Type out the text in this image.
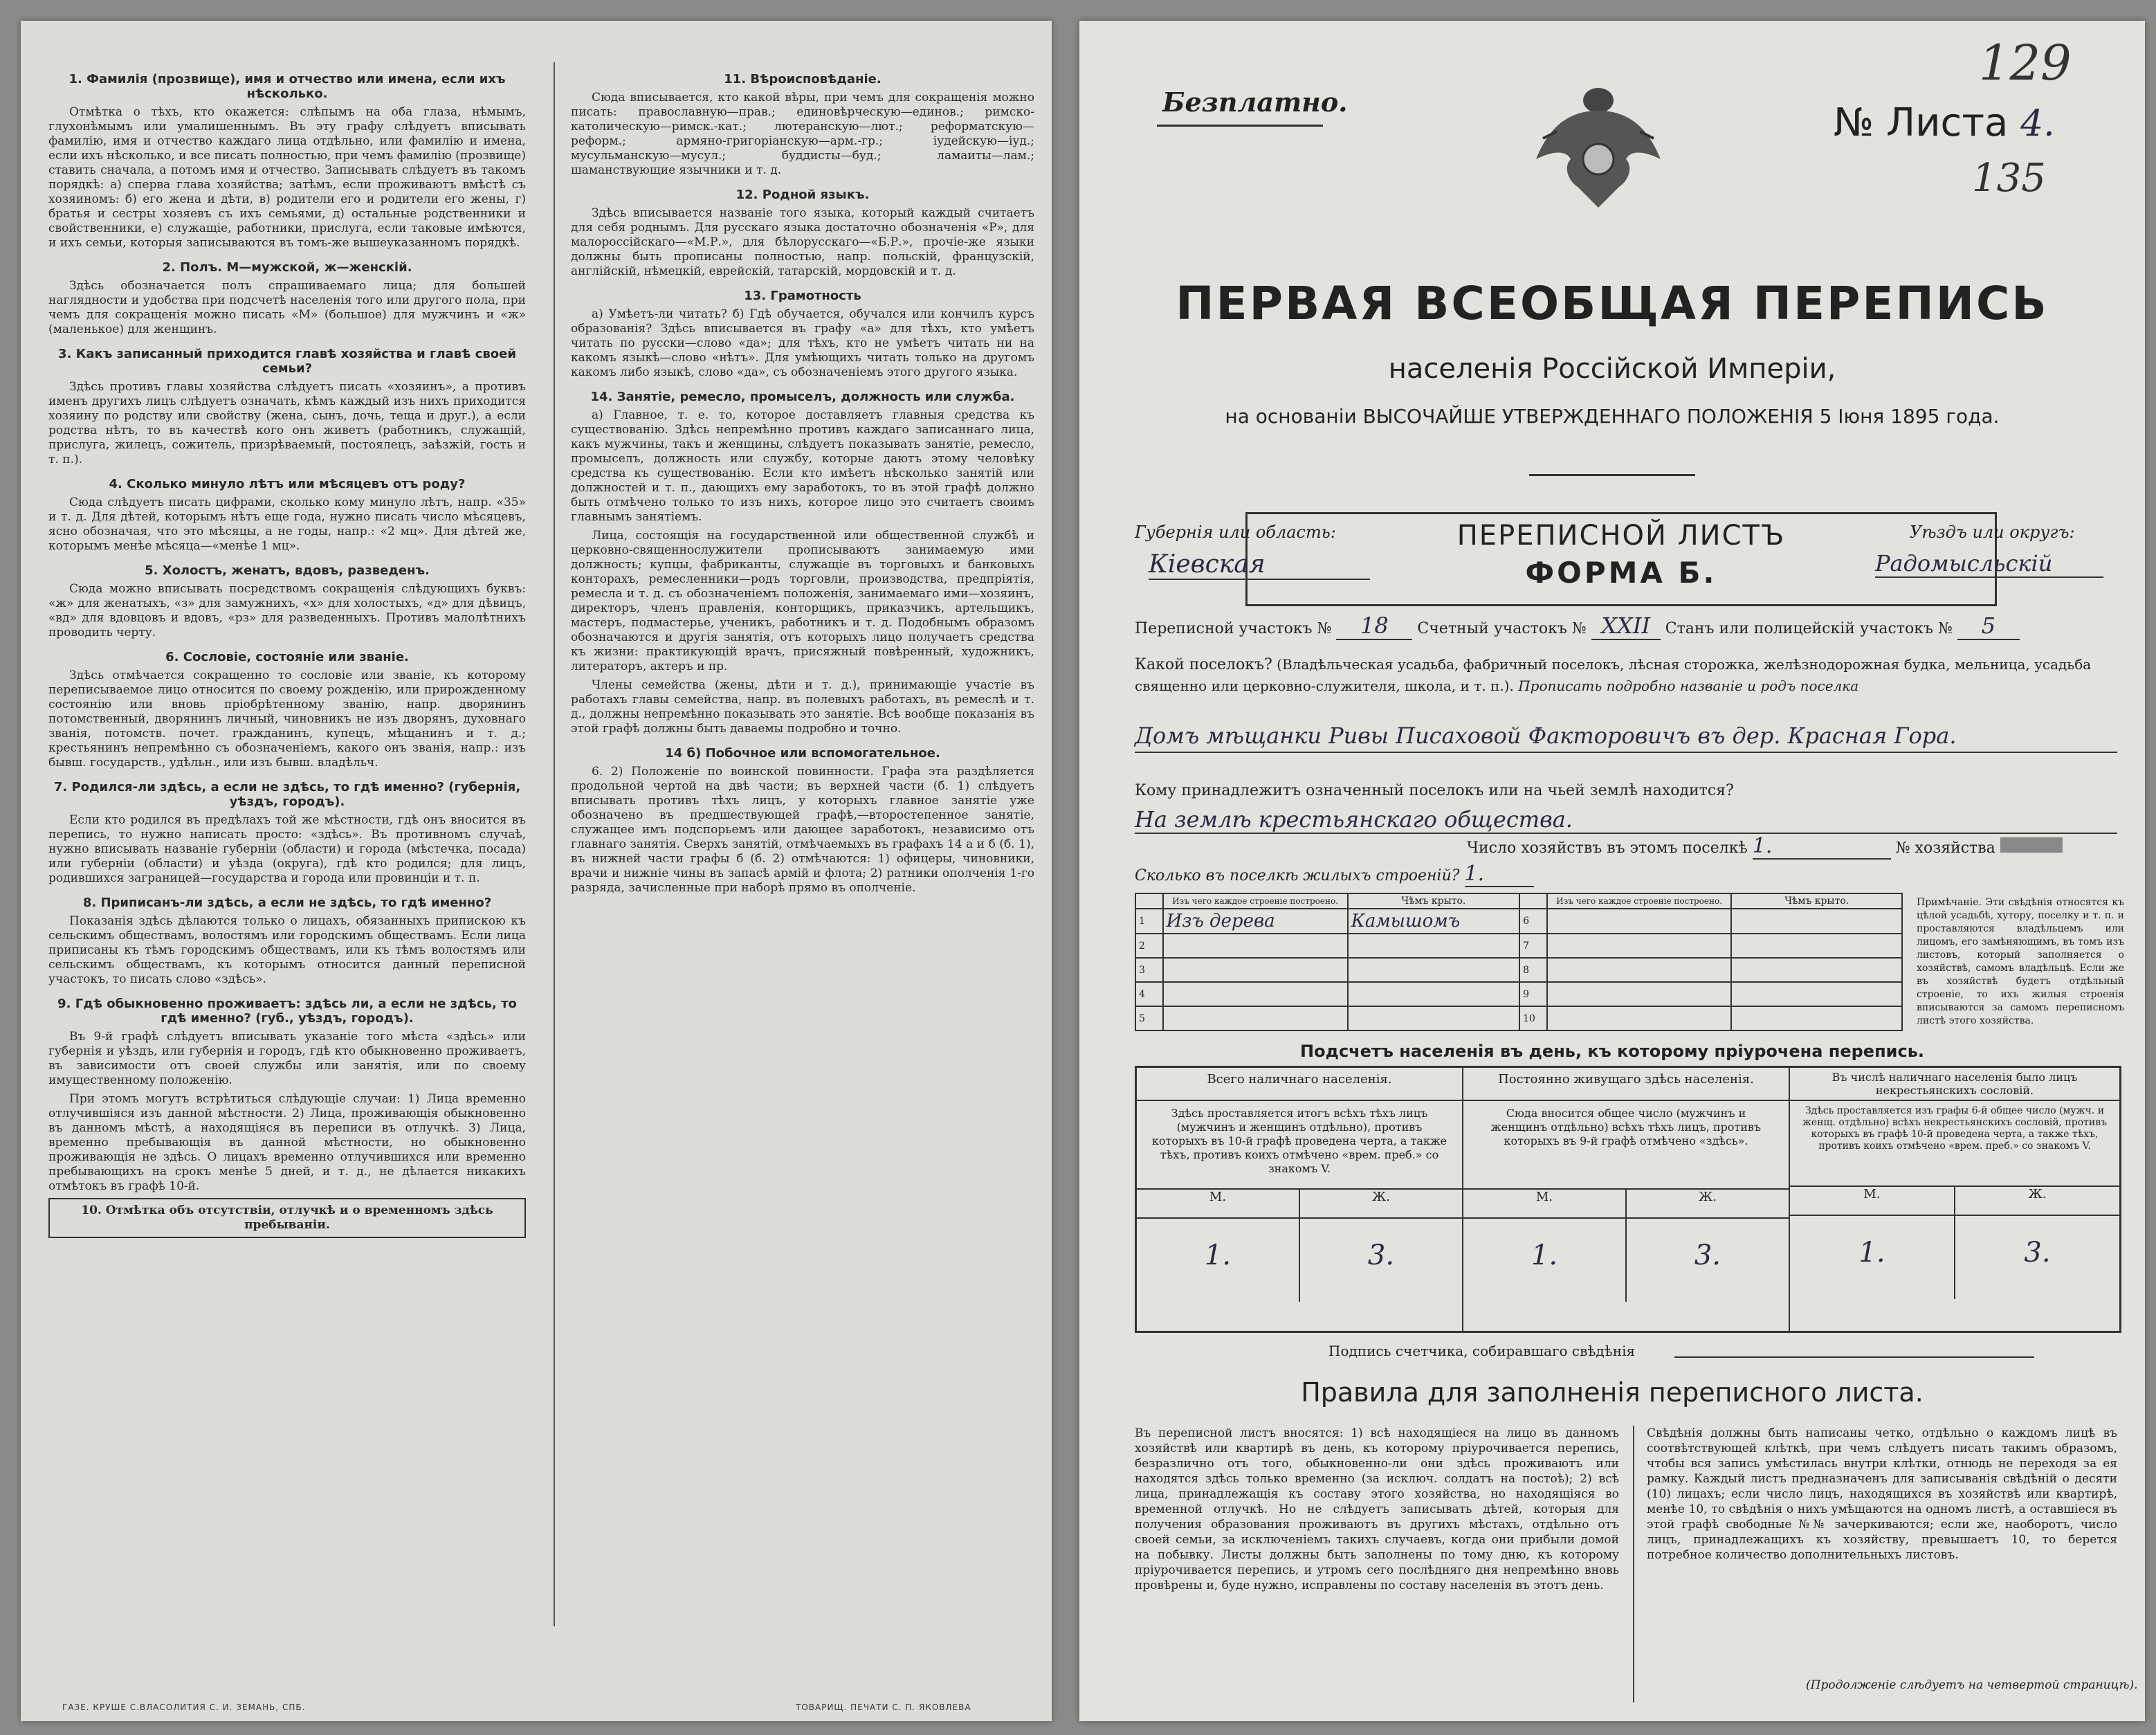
1. Фамилія (прозвище), имя и отчество или имена, если ихъ нѣсколько.

Отмѣтка о тѣхъ, кто окажется: слѣпымъ на оба глаза, нѣмымъ, глухонѣмымъ или умалишеннымъ. Въ эту графу слѣдуетъ вписывать фамилію, имя и отчество каждаго лица отдѣльно, или фамилію и имена, если ихъ нѣсколько, и все писать полностью, при чемъ фамилію (прозвище) ставить сначала, а потомъ имя и отчество. Записывать слѣдуетъ въ такомъ порядкѣ: а) сперва глава хозяйства; затѣмъ, если проживаютъ вмѣстѣ съ хозяиномъ: б) его жена и дѣти, в) родители его и родители его жены, г) братья и сестры хозяевъ съ ихъ семьями, д) остальные родственники и свойственники, е) служащіе, работники, прислуга, если таковые имѣются, и ихъ семьи, которыя записываются въ томъ-же вышеуказанномъ порядкѣ.

2. Полъ. М—мужской, ж—женскій.

Здѣсь обозначается полъ спрашиваемаго лица; для большей наглядности и удобства при подсчетѣ населенія того или другого пола, при чемъ для сокращенія можно писать «М» (большое) для мужчинъ и «ж» (маленькое) для женщинъ.

3. Какъ записанный приходится главѣ хозяйства и главѣ своей семьи?

Здѣсь противъ главы хозяйства слѣдуетъ писать «хозяинъ», а противъ именъ другихъ лицъ слѣдуетъ означать, кѣмъ каждый изъ нихъ приходится хозяину по родству или свойству (жена, сынъ, дочь, теща и друг.), а если родства нѣтъ, то въ качествѣ кого онъ живетъ (работникъ, служащій, прислуга, жилецъ, сожитель, призрѣваемый, постоялецъ, заѣзжій, гость и т. п.).

4. Сколько минуло лѣтъ или мѣсяцевъ отъ роду?

Сюда слѣдуетъ писать цифрами, сколько кому минуло лѣтъ, напр. «35» и т. д. Для дѣтей, которымъ нѣтъ еще года, нужно писать число мѣсяцевъ, ясно обозначая, что это мѣсяцы, а не годы, напр.: «2 мц». Для дѣтей же, которымъ менѣе мѣсяца—«менѣе 1 мц».

5. Холостъ, женатъ, вдовъ, разведенъ.

Сюда можно вписывать посредствомъ сокращенія слѣдующихъ буквъ: «ж» для женатыхъ, «з» для замужнихъ, «х» для холостыхъ, «д» для дѣвицъ, «вд» для вдовцовъ и вдовъ, «рз» для разведенныхъ. Противъ малолѣтнихъ проводить черту.

6. Сословіе, состояніе или званіе.

Здѣсь отмѣчается сокращенно то сословіе или званіе, къ которому переписываемое лицо относится по своему рожденію, или прирожденному состоянію или вновь пріобрѣтенному званію, напр. дворянинъ потомственный, дворянинъ личный, чиновникъ не изъ дворянъ, духовнаго званія, потомств. почет. гражданинъ, купецъ, мѣщанинъ и т. д.; крестьянинъ непремѣнно съ обозначеніемъ, какого онъ званія, напр.: изъ бывш. государств., удѣльн., или изъ бывш. владѣльч.

7. Родился-ли здѣсь, а если не здѣсь, то гдѣ именно? (губернія, уѣздъ, городъ).

Если кто родился въ предѣлахъ той же мѣстности, гдѣ онъ вносится въ перепись, то нужно написать просто: «здѣсь». Въ противномъ случаѣ, нужно вписывать названіе губерніи (области) и города (мѣстечка, посада) или губерніи (области) и уѣзда (округа), гдѣ кто родился; для лицъ, родившихся заграницей—государства и города или провинціи и т. п.

8. Приписанъ-ли здѣсь, а если не здѣсь, то гдѣ именно?

Показанія здѣсь дѣлаются только о лицахъ, обязанныхъ припискою къ сельскимъ обществамъ, волостямъ или городскимъ обществамъ. Если лица приписаны къ тѣмъ городскимъ обществамъ, или къ тѣмъ волостямъ или сельскимъ обществамъ, къ которымъ относится данный переписной участокъ, то писать слово «здѣсь».

9. Гдѣ обыкновенно проживаетъ: здѣсь ли, а если не здѣсь, то гдѣ именно? (губ., уѣздъ, городъ).

Въ 9-й графѣ слѣдуетъ вписывать указаніе того мѣста «здѣсь» или губернія и уѣздъ, или губернія и городъ, гдѣ кто обыкновенно проживаетъ, въ зависимости отъ своей службы или занятія, или по своему имущественному положенію.

При этомъ могутъ встрѣтиться слѣдующіе случаи: 1) Лица временно отлучившіяся изъ данной мѣстности. 2) Лица, проживающія обыкновенно въ данномъ мѣстѣ, а находящіяся въ переписи въ отлучкѣ. 3) Лица, временно пребывающія въ данной мѣстности, но обыкновенно проживающія не здѣсь. О лицахъ временно отлучившихся или временно пребывающихъ на срокъ менѣе 5 дней, и т. д., не дѣлается никакихъ отмѣтокъ въ графѣ 10-й.

10. Отмѣтка объ отсутствіи, отлучкѣ и о временномъ здѣсь пребываніи.
11. Вѣроисповѣданіе.

Сюда вписывается, кто какой вѣры, при чемъ для сокращенія можно писать: православную—прав.; единовѣрческую—единов.; римско-католическую—римск.-кат.; лютеранскую—лют.; реформатскую—реформ.; армяно-григоріанскую—арм.-гр.; іудейскую—іуд.; мусульманскую—мусул.; буддисты—буд.; ламаиты—лам.; шаманствующие язычники и т. д.

12. Родной языкъ.

Здѣсь вписывается названіе того языка, который каждый считаетъ для себя роднымъ. Для русскаго языка достаточно обозначенія «Р», для малороссійскаго—«М.Р.», для бѣлорусскаго—«Б.Р.», прочіе-же языки должны быть прописаны полностью, напр. польскій, французскій, англійскій, нѣмецкій, еврейскій, татарскій, мордовскій и т. д.

13. Грамотность

а) Умѣетъ-ли читать? б) Гдѣ обучается, обучался или кончилъ курсъ образованія? Здѣсь вписывается въ графу «а» для тѣхъ, кто умѣетъ читать по русски—слово «да»; для тѣхъ, кто не умѣетъ читать ни на какомъ языкѣ—слово «нѣтъ». Для умѣющихъ читать только на другомъ какомъ либо языкѣ, слово «да», съ обозначеніемъ этого другого языка.

14. Занятіе, ремесло, промыселъ, должность или служба.

а) Главное, т. е. то, которое доставляетъ главныя средства къ существованію. Здѣсь непремѣнно противъ каждаго записаннаго лица, какъ мужчины, такъ и женщины, слѣдуетъ показывать занятіе, ремесло, промыселъ, должность или службу, которые даютъ этому человѣку средства къ существованію. Если кто имѣетъ нѣсколько занятій или должностей и т. п., дающихъ ему заработокъ, то въ этой графѣ должно быть отмѣчено только то изъ нихъ, которое лицо это считаетъ своимъ главнымъ занятіемъ.

Лица, состоящія на государственной или общественной службѣ и церковно-священнослужители прописываютъ занимаемую ими должность; купцы, фабриканты, служащіе въ торговыхъ и банковыхъ конторахъ, ремесленники—родъ торговли, производства, предпріятія, ремесла и т. д. съ обозначеніемъ положенія, занимаемаго ими—хозяинъ, директоръ, членъ правленія, конторщикъ, приказчикъ, артельщикъ, мастеръ, подмастерье, ученикъ, работникъ и т. д. Подобнымъ образомъ обозначаются и другія занятія, отъ которыхъ лицо получаетъ средства къ жизни: практикующій врачъ, присяжный повѣренный, художникъ, литераторъ, актеръ и пр.

Члены семейства (жены, дѣти и т. д.), принимающіе участіе въ работахъ главы семейства, напр. въ полевыхъ работахъ, въ ремеслѣ и т. д., должны непремѣнно показывать это занятіе. Всѣ вообще показанія въ этой графѣ должны быть даваемы подробно и точно.

14 б) Побочное или вспомогательное.

6. 2) Положеніе по воинской повинности. Графа эта раздѣляется продольной чертой на двѣ части; въ верхней части (б. 1) слѣдуетъ вписывать противъ тѣхъ лицъ, у которыхъ главное занятіе уже обозначено въ предшествующей графѣ,—второстепенное занятіе, служащее имъ подспорьемъ или дающее заработокъ, независимо отъ главнаго занятія. Сверхъ занятій, отмѣчаемыхъ въ графахъ 14 а и б (б. 1), въ нижней части графы б (б. 2) отмѣчаются: 1) офицеры, чиновники, врачи и нижніе чины въ запасѣ армій и флота; 2) ратники ополченія 1-го разряда, зачисленные при наборѣ прямо въ ополченіе.

ГАЗЕ. КРУШЕ С.ВЛАСОЛИТИЯ С. И. ЗЕМАНЬ, СПБ.	ТОВАРИЩ. ПЕЧАТИ С. П. ЯКОВЛЕВА
129
135
Безплатно.	№ Листа 4.
ПЕРВАЯ ВСЕОБЩАЯ ПЕРЕПИСЬ
населенія Россійской Имперіи,
на основаніи ВЫСОЧАЙШЕ УТВЕРЖДЕННАГО ПОЛОЖЕНІЯ 5 Іюня 1895 года.
ПЕРЕПИСНОЙ ЛИСТЪ
ФОРМА Б.
Губернія или область:
Кіевская
Уѣздъ или округъ:
Радомысльскій
Переписной участокъ № 18 Счетный участокъ № XXII Станъ или полицейскій участокъ № 5
Какой поселокъ? (Владѣльческая усадьба, фабричный поселокъ, лѣсная сторожка, желѣзнодорожная будка, мельница, усадьба священно или церковно-служителя, школа, и т. п.). Прописать подробно названіе и родъ поселка
Домъ мѣщанки Ривы Писаховой Факторовичъ въ дер. Красная Гора.
Кому принадлежитъ означенный поселокъ или на чьей землѣ находится?
На землѣ крестьянскаго общества.
Число хозяйствъ въ этомъ поселкѣ 1.	№ хозяйства
Сколько въ поселкѣ жилыхъ строеній? 1.
	Изъ чего каждое строеніе построено.	Чѣмъ крыто.		Изъ чего каждое строеніе построено.	Чѣмъ крыто.
1	Изъ дерева	Камышомъ	6		
2			7		
3			8		
4			9		
5			10		
Примѣчаніе. Эти свѣдѣнія относятся къ цѣлой усадьбѣ, хутору, поселку и т. п. и проставляются владѣльцемъ или лицомъ, его замѣняющимъ, въ томъ изъ листовъ, который заполняется о хозяйствѣ, самомъ владѣльцѣ. Если же въ хозяйствѣ будетъ отдѣльный строеніе, то ихъ жилыя строенія вписываются за самомъ переписномъ листѣ этого хозяйства.
Подсчетъ населенія въ день, къ которому пріурочена перепись.
Всего наличнаго населенія.
Здѣсь проставляется итогъ всѣхъ тѣхъ лицъ (мужчинъ и женщинъ отдѣльно), противъ которыхъ въ 10-й графѣ проведена черта, а также тѣхъ, противъ коихъ отмѣчено «врем. преб.» со знакомъ V.
М.	Ж.
1.	3.
Постоянно живущаго здѣсь населенія.
Сюда вносится общее число (мужчинъ и женщинъ отдѣльно) всѣхъ тѣхъ лицъ, противъ которыхъ въ 9-й графѣ отмѣчено «здѣсь».
М.	Ж.
1.	3.
Въ числѣ наличнаго населенія было лицъ некрестьянскихъ сословій.
Здѣсь проставляется изъ графы 6-й общее число (мужч. и женщ. отдѣльно) всѣхъ некрестьянскихъ сословій, противъ которыхъ въ графѣ 10-й проведена черта, а также тѣхъ, противъ коихъ отмѣчено «врем. преб.» со знакомъ V.
М.	Ж.
1.	3.
Подпись счетчика, собиравшаго свѣдѣнія
Правила для заполненія переписного листа.
Въ переписной листъ вносятся: 1) всѣ находящіеся на лицо въ данномъ хозяйствѣ или квартирѣ въ день, къ которому пріурочивается перепись, безразлично отъ того, обыкновенно-ли они здѣсь проживаютъ или находятся здѣсь только временно (за исключ. солдатъ на постоѣ); 2) всѣ лица, принадлежащія къ составу этого хозяйства, но находящіяся во временной отлучкѣ. Но не слѣдуетъ записывать дѣтей, которыя для получения образования проживаютъ въ другихъ мѣстахъ, отдѣльно отъ своей семьи, за исключеніемъ такихъ случаевъ, когда они прибыли домой на побывку. Листы должны быть заполнены по тому дню, къ которому пріурочивается перепись, и утромъ сего послѣдняго дня непремѣнно вновь провѣрены и, буде нужно, исправлены по составу населенія въ этотъ день.
Свѣдѣнія должны быть написаны четко, отдѣльно о каждомъ лицѣ въ соотвѣтствующей клѣткѣ, при чемъ слѣдуетъ писать такимъ образомъ, чтобы вся запись умѣстилась внутри клѣтки, отнюдь не переходя за ея рамку. Каждый листъ предназначенъ для записыванія свѣдѣній о десяти (10) лицахъ; если число лицъ, находящихся въ хозяйствѣ или квартирѣ, менѣе 10, то свѣдѣнія о нихъ умѣщаются на одномъ листѣ, а оставшіеся въ этой графѣ свободные №№ зачеркиваются; если же, наоборотъ, число лицъ, принадлежащихъ къ хозяйству, превышаетъ 10, то берется потребное количество дополнительныхъ листовъ.
(Продолженіе слѣдуетъ на четвертой страницѣ).
